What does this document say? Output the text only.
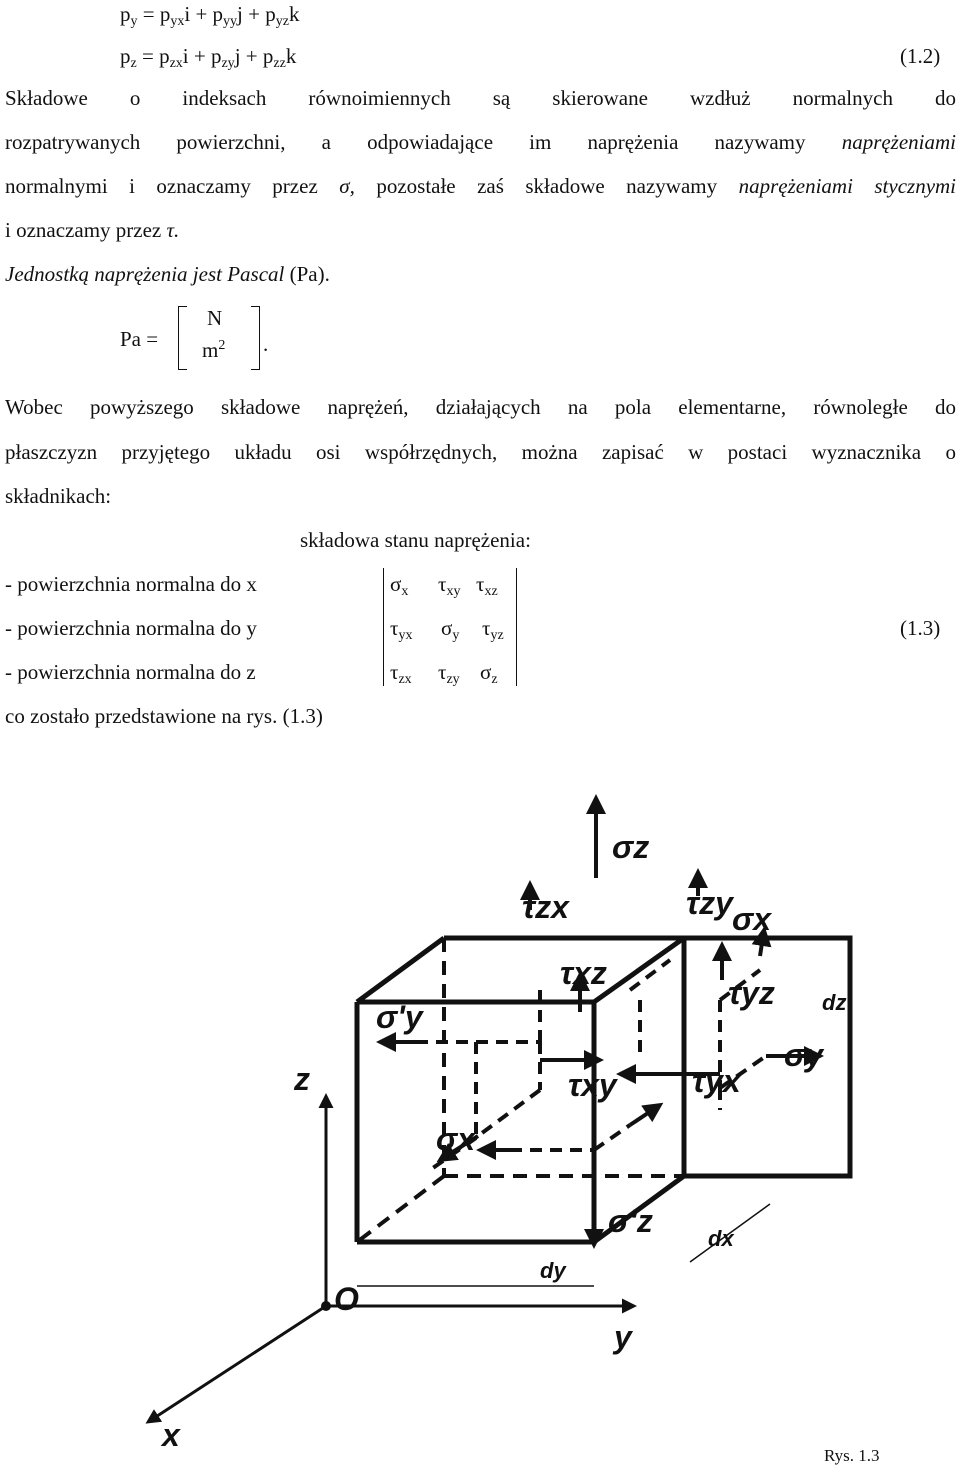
$p_y = p_{yx}i + p_{yy}j + p_{yz}k$
$p_z = p_{zx}i + p_{zy}j + p_{zz}k$	(1.2)
Składowe o indeksach równoimiennych są skierowane wzdłuż normalnych do
rozpatrywanych powierzchni, a odpowiadające im naprężenia nazywamy naprężeniami
normalnymi i oznaczamy przez σ, pozostałe zaś składowe nazywamy naprężeniami stycznymi
i oznaczamy przez τ.
Jednostką naprężenia jest Pascal (Pa).
Pa =
N
$m^2$ .
Wobec powyższego składowe naprężeń, działających na pola elementarne, równoległe do
płaszczyzn przyjętego układu osi współrzędnych, można zapisać w postaci wyznacznika o
składnikach:
składowa stanu naprężenia:
- powierzchnia normalna do x
- powierzchnia normalna do y
- powierzchnia normalna do z
$\sigma_x$ $\tau_{xy}$ $\tau_{xz}$
$\tau_{yx}$ $\sigma_y$ $\tau_{yz}$
$\tau_{zx}$ $\tau_{zy}$ $\sigma_z$
(1.3)
co zostało przedstawione na rys. (1.3)
σz
τzx	τzy σx
τxz
τyz
σ'y
σy
τxy τyx
σx
σ'z
z
O
y
x
dz
dx
dy
Rys. 1.3
